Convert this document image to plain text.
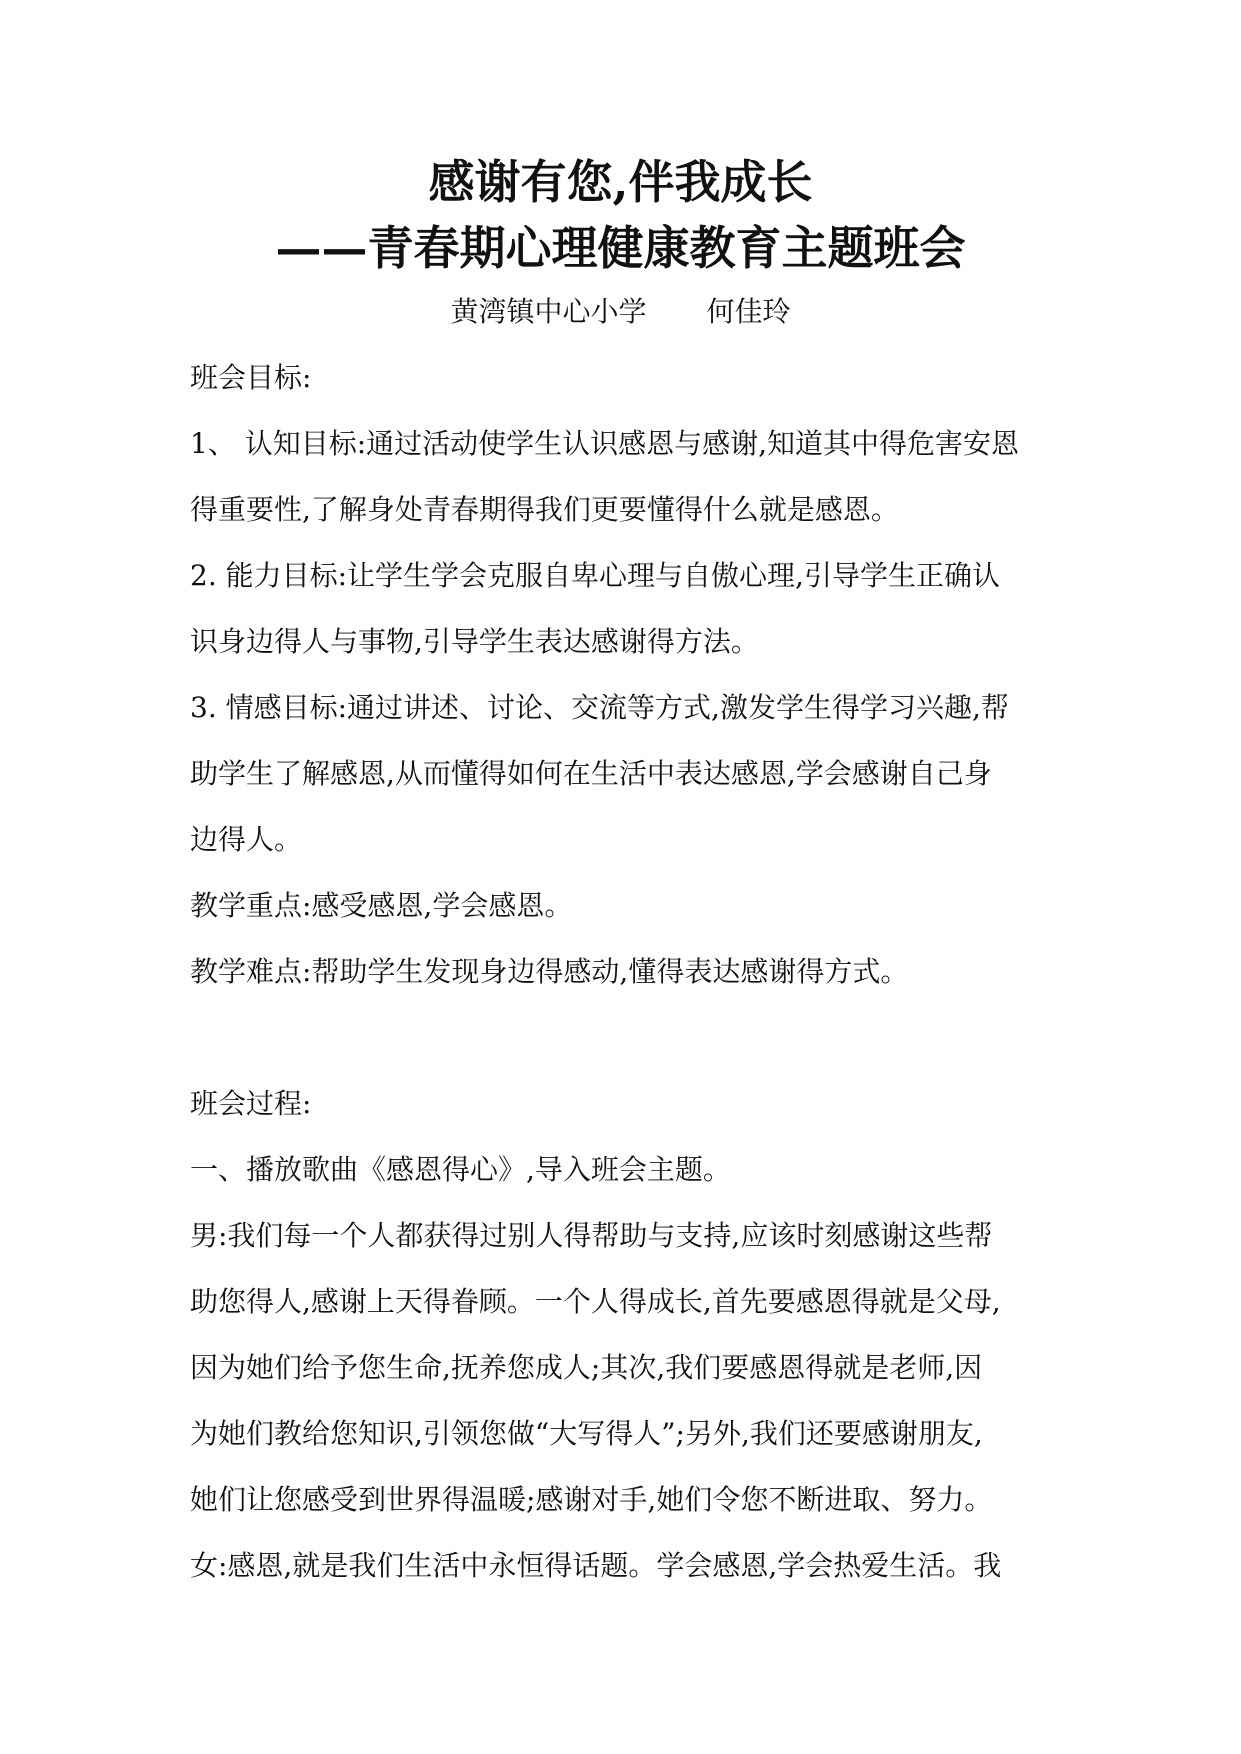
感谢有您,伴我成长
——青春期心理健康教育主题班会
黄湾镇中心小学 何佳玲
班会目标:
1、 认知目标:通过活动使学生认识感恩与感谢,知道其中得危害安恩
得重要性,了解身处青春期得我们更要懂得什么就是感恩。
2. 能力目标:让学生学会克服自卑心理与自傲心理,引导学生正确认
识身边得人与事物,引导学生表达感谢得方法。
3. 情感目标:通过讲述、讨论、交流等方式,激发学生得学习兴趣,帮
助学生了解感恩,从而懂得如何在生活中表达感恩,学会感谢自己身
边得人。
教学重点:感受感恩,学会感恩。
教学难点:帮助学生发现身边得感动,懂得表达感谢得方式。
班会过程:
一、播放歌曲《感恩得心》,导入班会主题。
男:我们每一个人都获得过别人得帮助与支持,应该时刻感谢这些帮
助您得人,感谢上天得眷顾。一个人得成长,首先要感恩得就是父母,
因为她们给予您生命,抚养您成人;其次,我们要感恩得就是老师,因
为她们教给您知识,引领您做“大写得人”;另外,我们还要感谢朋友,
她们让您感受到世界得温暖;感谢对手,她们令您不断进取、努力。
女:感恩,就是我们生活中永恒得话题。学会感恩,学会热爱生活。我
